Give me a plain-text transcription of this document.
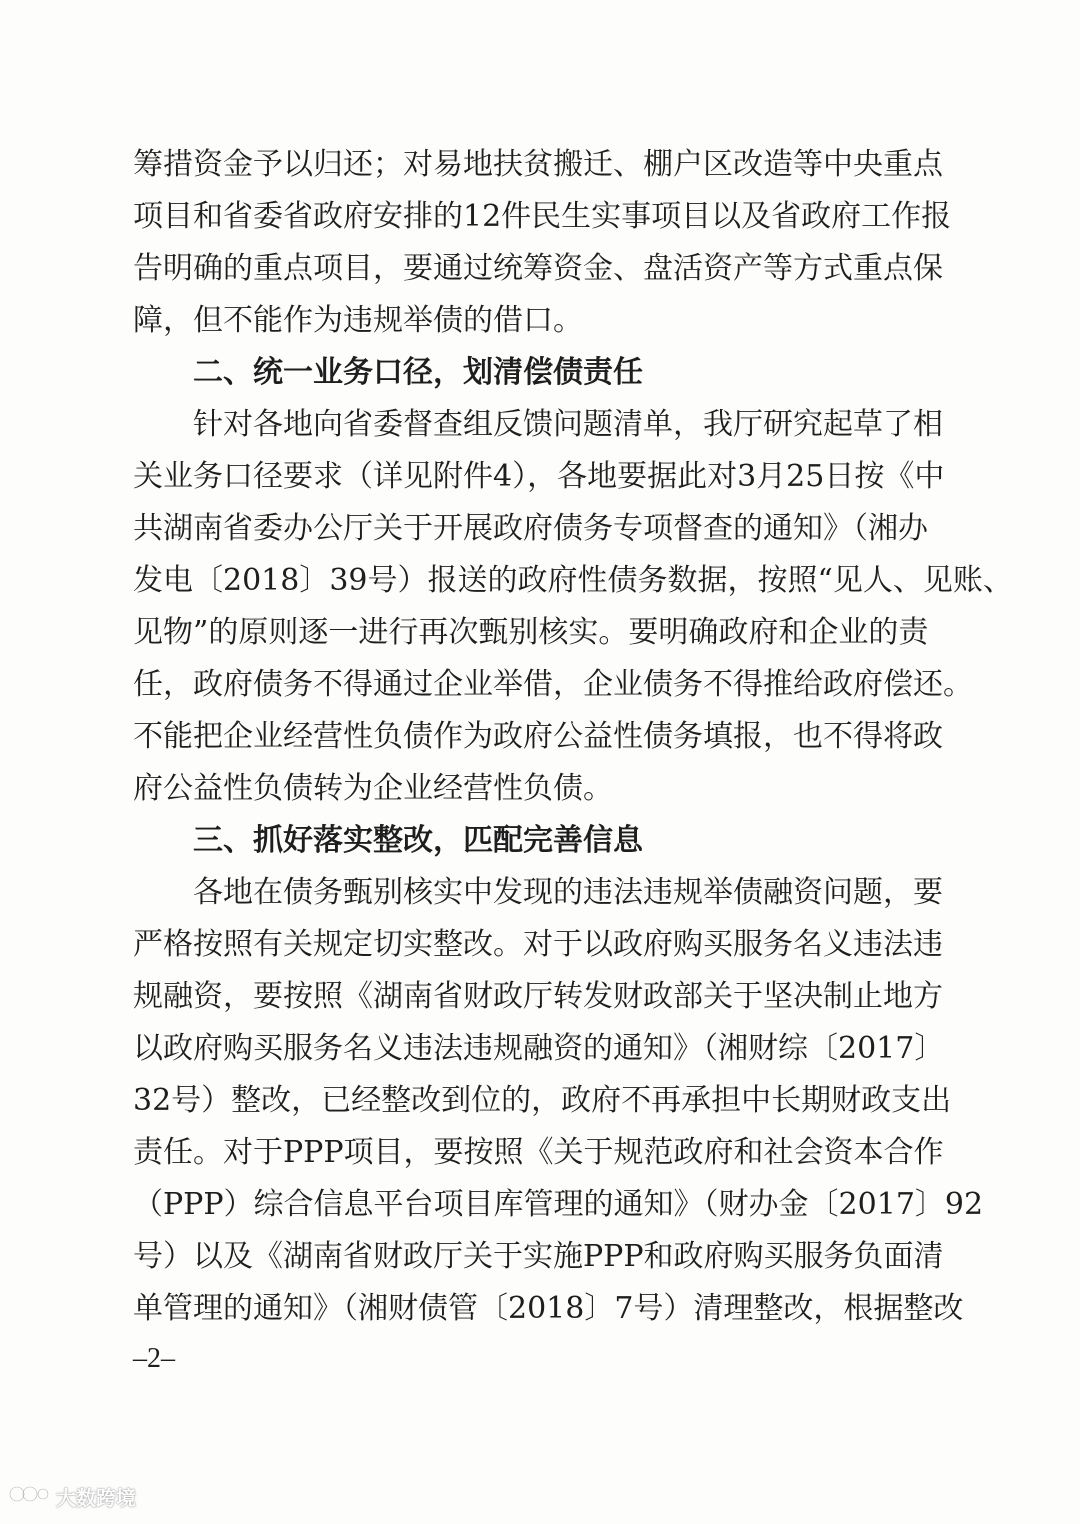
筹措资金予以归还；对易地扶贫搬迁、棚户区改造等中央重点
项目和省委省政府安排的12件民生实事项目以及省政府工作报
告明确的重点项目，要通过统筹资金、盘活资产等方式重点保
障，但不能作为违规举债的借口。
二、统一业务口径，划清偿债责任
针对各地向省委督查组反馈问题清单，我厅研究起草了相
关业务口径要求（详见附件4），各地要据此对3月25日按《中
共湖南省委办公厅关于开展政府债务专项督查的通知》（湘办
发电〔2018〕39号）报送的政府性债务数据，按照“见人、见账、
见物”的原则逐一进行再次甄别核实。要明确政府和企业的责
任，政府债务不得通过企业举借，企业债务不得推给政府偿还。
不能把企业经营性负债作为政府公益性债务填报，也不得将政
府公益性负债转为企业经营性负债。
三、抓好落实整改，匹配完善信息
各地在债务甄别核实中发现的违法违规举债融资问题，要
严格按照有关规定切实整改。对于以政府购买服务名义违法违
规融资，要按照《湖南省财政厅转发财政部关于坚决制止地方
以政府购买服务名义违法违规融资的通知》（湘财综〔2017〕
32号）整改，已经整改到位的，政府不再承担中长期财政支出
责任。对于PPP项目，要按照《关于规范政府和社会资本合作
（PPP）综合信息平台项目库管理的通知》（财办金〔2017〕92
号）以及《湖南省财政厅关于实施PPP和政府购买服务负面清
单管理的通知》（湘财债管〔2018〕7号）清理整改，根据整改
–2–
大数跨境
